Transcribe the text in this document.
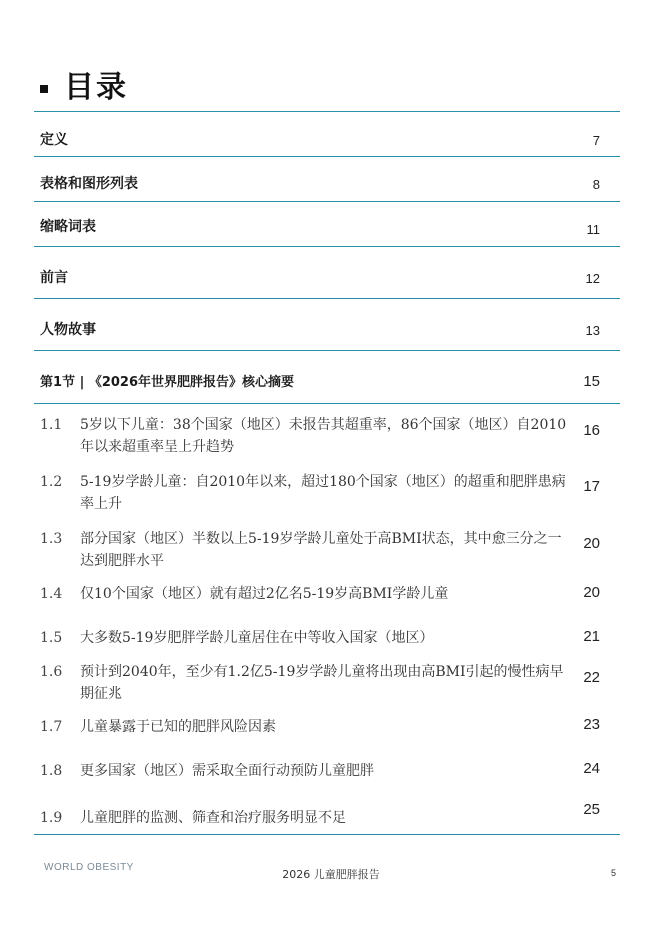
目录
定义	7
表格和图形列表	8
缩略词表	11
前言	12
人物故事	13
第1节 | 《2026年世界肥胖报告》核心摘要	15
1.1 5岁以下儿童：38个国家（地区）未报告其超重率，86个国家（地区）自2010年以来超重率呈上升趋势
16
1.2 5-19岁学龄儿童：自2010年以来，超过180个国家（地区）的超重和肥胖患病率上升
17
1.3 部分国家（地区）半数以上5-19岁学龄儿童处于高BMI状态，其中愈三分之一达到肥胖水平
20
1.4 仅10个国家（地区）就有超过2亿名5-19岁高BMI学龄儿童	20
1.5 大多数5-19岁肥胖学龄儿童居住在中等收入国家（地区）	21
1.6 预计到2040年，至少有1.2亿5-19岁学龄儿童将出现由高BMI引起的慢性病早期征兆
22
1.7 儿童暴露于已知的肥胖风险因素	23
1.8 更多国家（地区）需采取全面行动预防儿童肥胖	24
1.9 儿童肥胖的监测、筛查和治疗服务明显不足	25
WORLD OBESITY
2026 儿童肥胖报告	5
